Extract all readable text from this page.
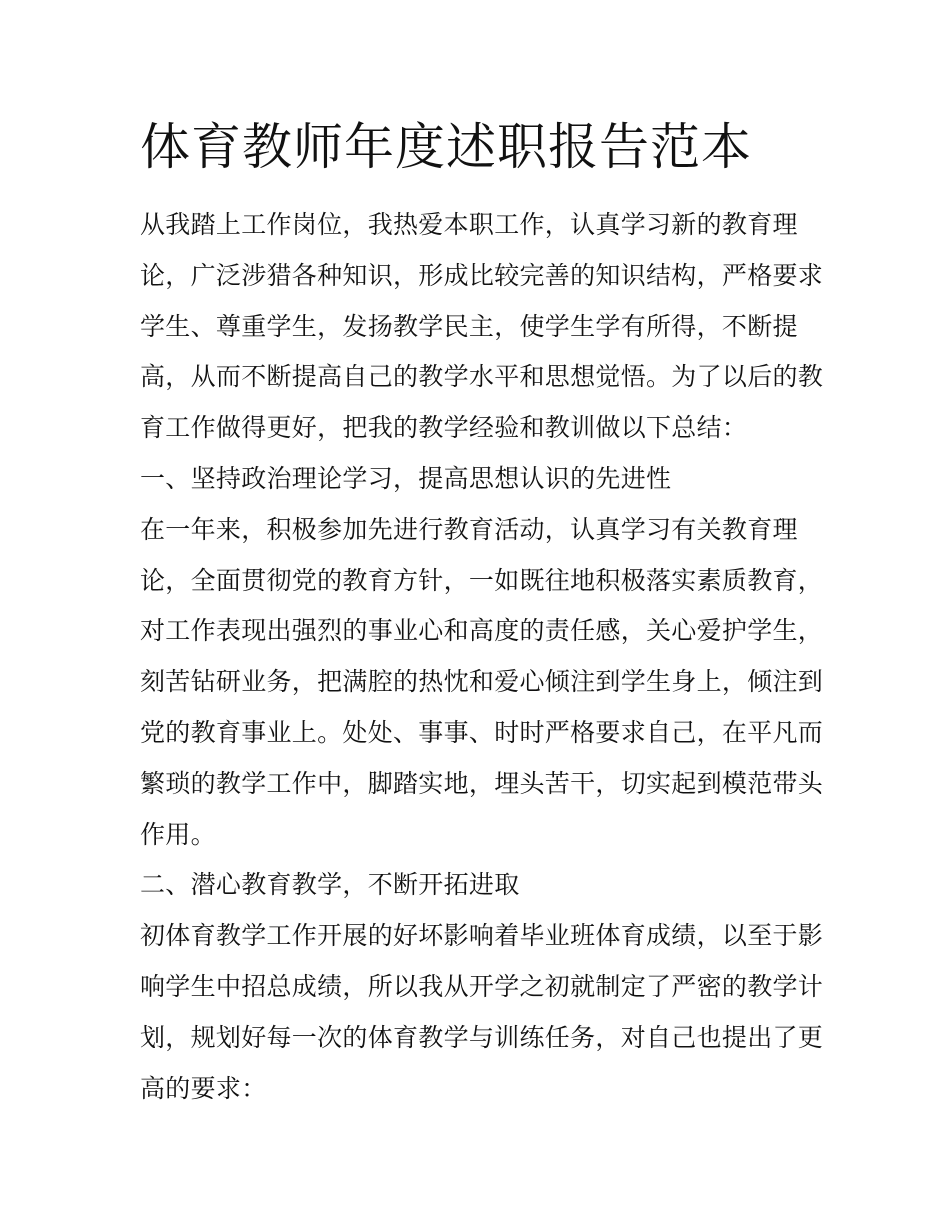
体育教师年度述职报告范本
从我踏上工作岗位，我热爱本职工作，认真学习新的教育理
论，广泛涉猎各种知识，形成比较完善的知识结构，严格要求
学生、尊重学生，发扬教学民主，使学生学有所得，不断提
高，从而不断提高自己的教学水平和思想觉悟。为了以后的教
育工作做得更好，把我的教学经验和教训做以下总结：
一、坚持政治理论学习，提高思想认识的先进性
在一年来，积极参加先进行教育活动，认真学习有关教育理
论，全面贯彻党的教育方针，一如既往地积极落实素质教育，
对工作表现出强烈的事业心和高度的责任感，关心爱护学生，
刻苦钻研业务，把满腔的热忱和爱心倾注到学生身上，倾注到
党的教育事业上。处处、事事、时时严格要求自己，在平凡而
繁琐的教学工作中，脚踏实地，埋头苦干，切实起到模范带头
作用。
二、潜心教育教学，不断开拓进取
初体育教学工作开展的好坏影响着毕业班体育成绩，以至于影
响学生中招总成绩，所以我从开学之初就制定了严密的教学计
划，规划好每一次的体育教学与训练任务，对自己也提出了更
高的要求：
